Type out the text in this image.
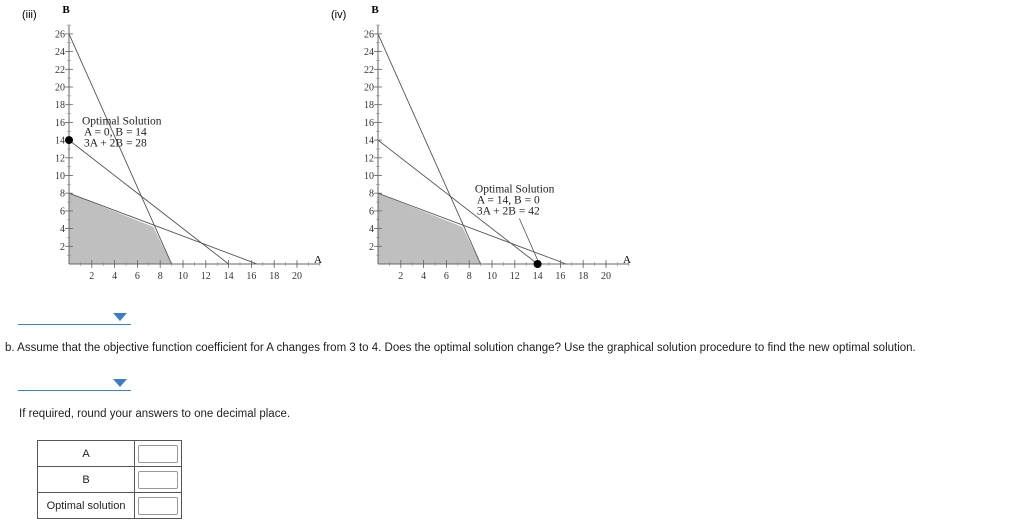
(iii)
2 4 6 8 10 12 14 16 18 20
2
4
6
8
10
12
14
16
18
20
22
24
26
B
A
Optimal Solution
A = 0, B = 14
3A + 2B = 28
(iv)
2 4 6 8 10 12 14 16 18 20
2
4
6
8
10
12
14
16
18
20
22
24
26
B
A
Optimal Solution
A = 14, B = 0
3A + 2B = 42
b. Assume that the objective function coefficient for A changes from 3 to 4. Does the optimal solution change? Use the graphical solution procedure to find the new optimal solution.
If required, round your answers to one decimal place.
A	
B	
Optimal solution	
